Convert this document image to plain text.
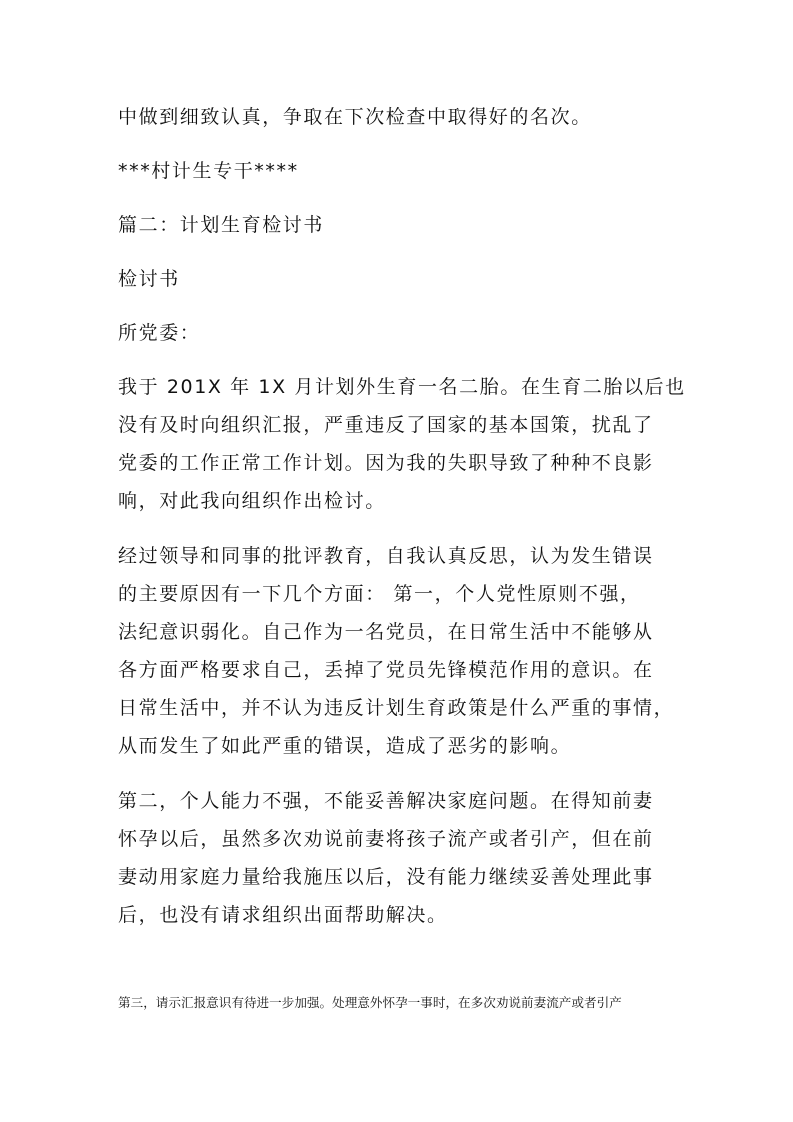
中做到细致认真，争取在下次检查中取得好的名次。

***村计生专干****

篇二：计划生育检讨书

检讨书

所党委：

我于 201X 年 1X 月计划外生育一名二胎。在生育二胎以后也

没有及时向组织汇报，严重违反了国家的基本国策，扰乱了

党委的工作正常工作计划。因为我的失职导致了种种不良影

响，对此我向组织作出检讨。

经过领导和同事的批评教育，自我认真反思，认为发生错误

的主要原因有一下几个方面： 第一，个人党性原则不强，

法纪意识弱化。自己作为一名党员，在日常生活中不能够从

各方面严格要求自己，丢掉了党员先锋模范作用的意识。在

日常生活中，并不认为违反计划生育政策是什么严重的事情，

从而发生了如此严重的错误，造成了恶劣的影响。

第二，个人能力不强，不能妥善解决家庭问题。在得知前妻

怀孕以后，虽然多次劝说前妻将孩子流产或者引产，但在前

妻动用家庭力量给我施压以后，没有能力继续妥善处理此事

后，也没有请求组织出面帮助解决。

第三，请示汇报意识有待进一步加强。处理意外怀孕一事时，在多次劝说前妻流产或者引产
